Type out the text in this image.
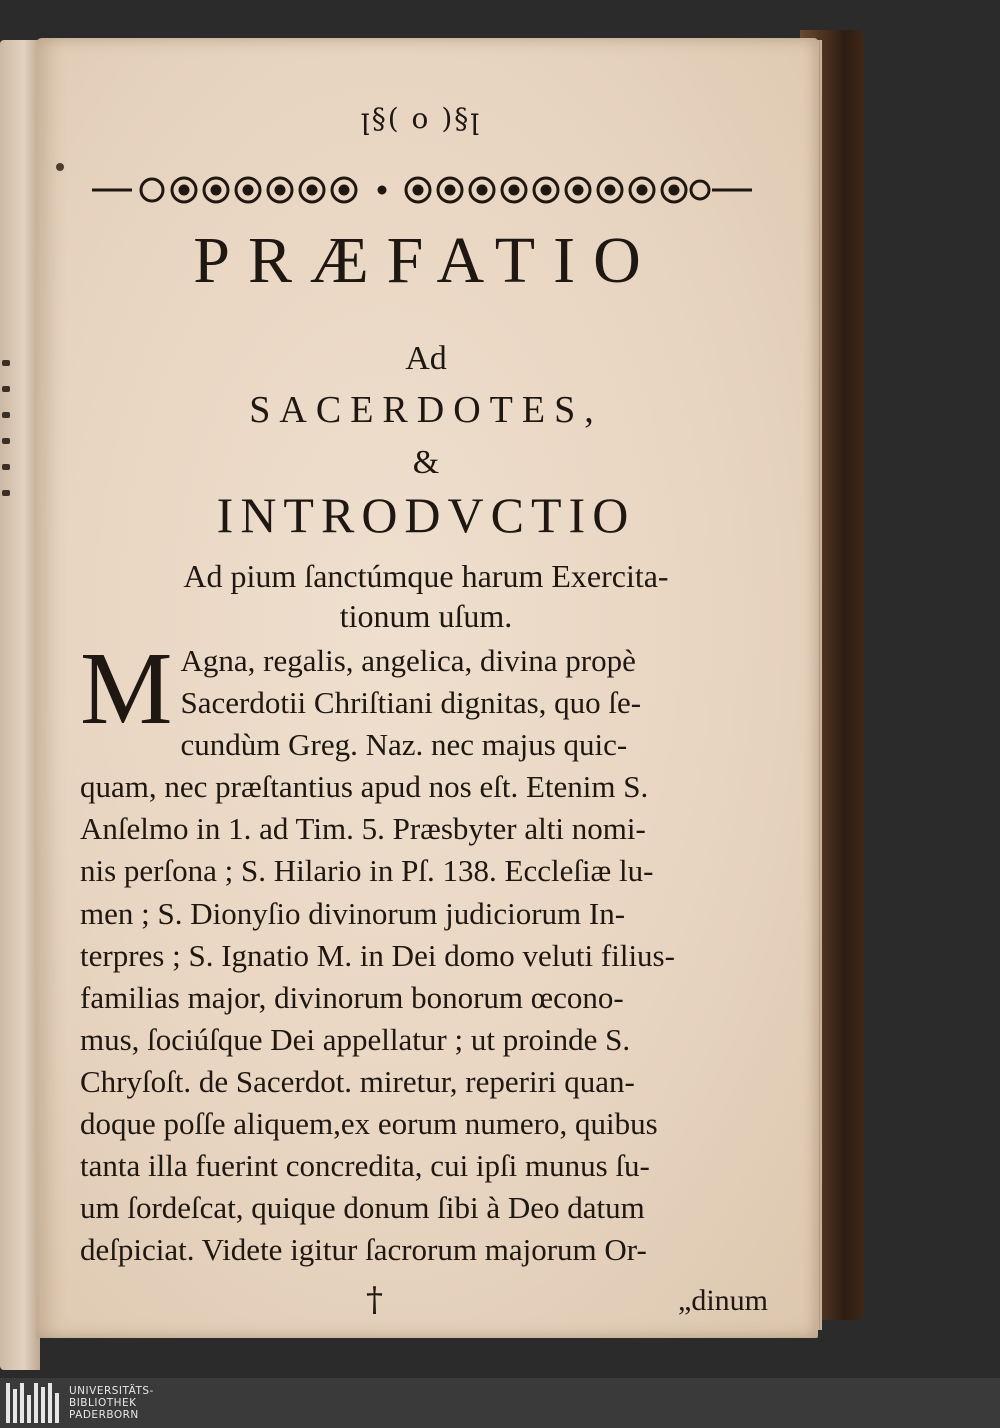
ꞁ§( o )§ꞁ
PRÆFATIO
Ad
SACERDOTES,
&
INTRODVCTIO
Ad pium ſanctúmque harum Exercita-
tionum uſum.
M Agna, regalis, angelica, divina propè
Sacerdotii Chriſtiani dignitas, quo ſe-
cundùm Greg. Naz. nec majus quic-
quam, nec præſtantius apud nos eſt. Etenim S.
Anſelmo in 1. ad Tim. 5. Præsbyter alti nomi-
nis perſona ; S. Hilario in Pſ. 138. Eccleſiæ lu-
men ; S. Dionyſio divinorum judiciorum In-
terpres ; S. Ignatio M. in Dei domo veluti filius-
familias major, divinorum bonorum œcono-
mus, ſociúſque Dei appellatur ; ut proinde S.
Chryſoſt. de Sacerdot. miretur, reperiri quan-
doque poſſe aliquem,ex eorum numero, quibus
tanta illa fuerint concredita, cui ipſi munus ſu-
um ſordeſcat, quique donum ſibi à Deo datum
deſpiciat. Videte igitur ſacrorum majorum Or-
†	„dinum
UNIVERSITÄTS-
BIBLIOTHEK
PADERBORN
